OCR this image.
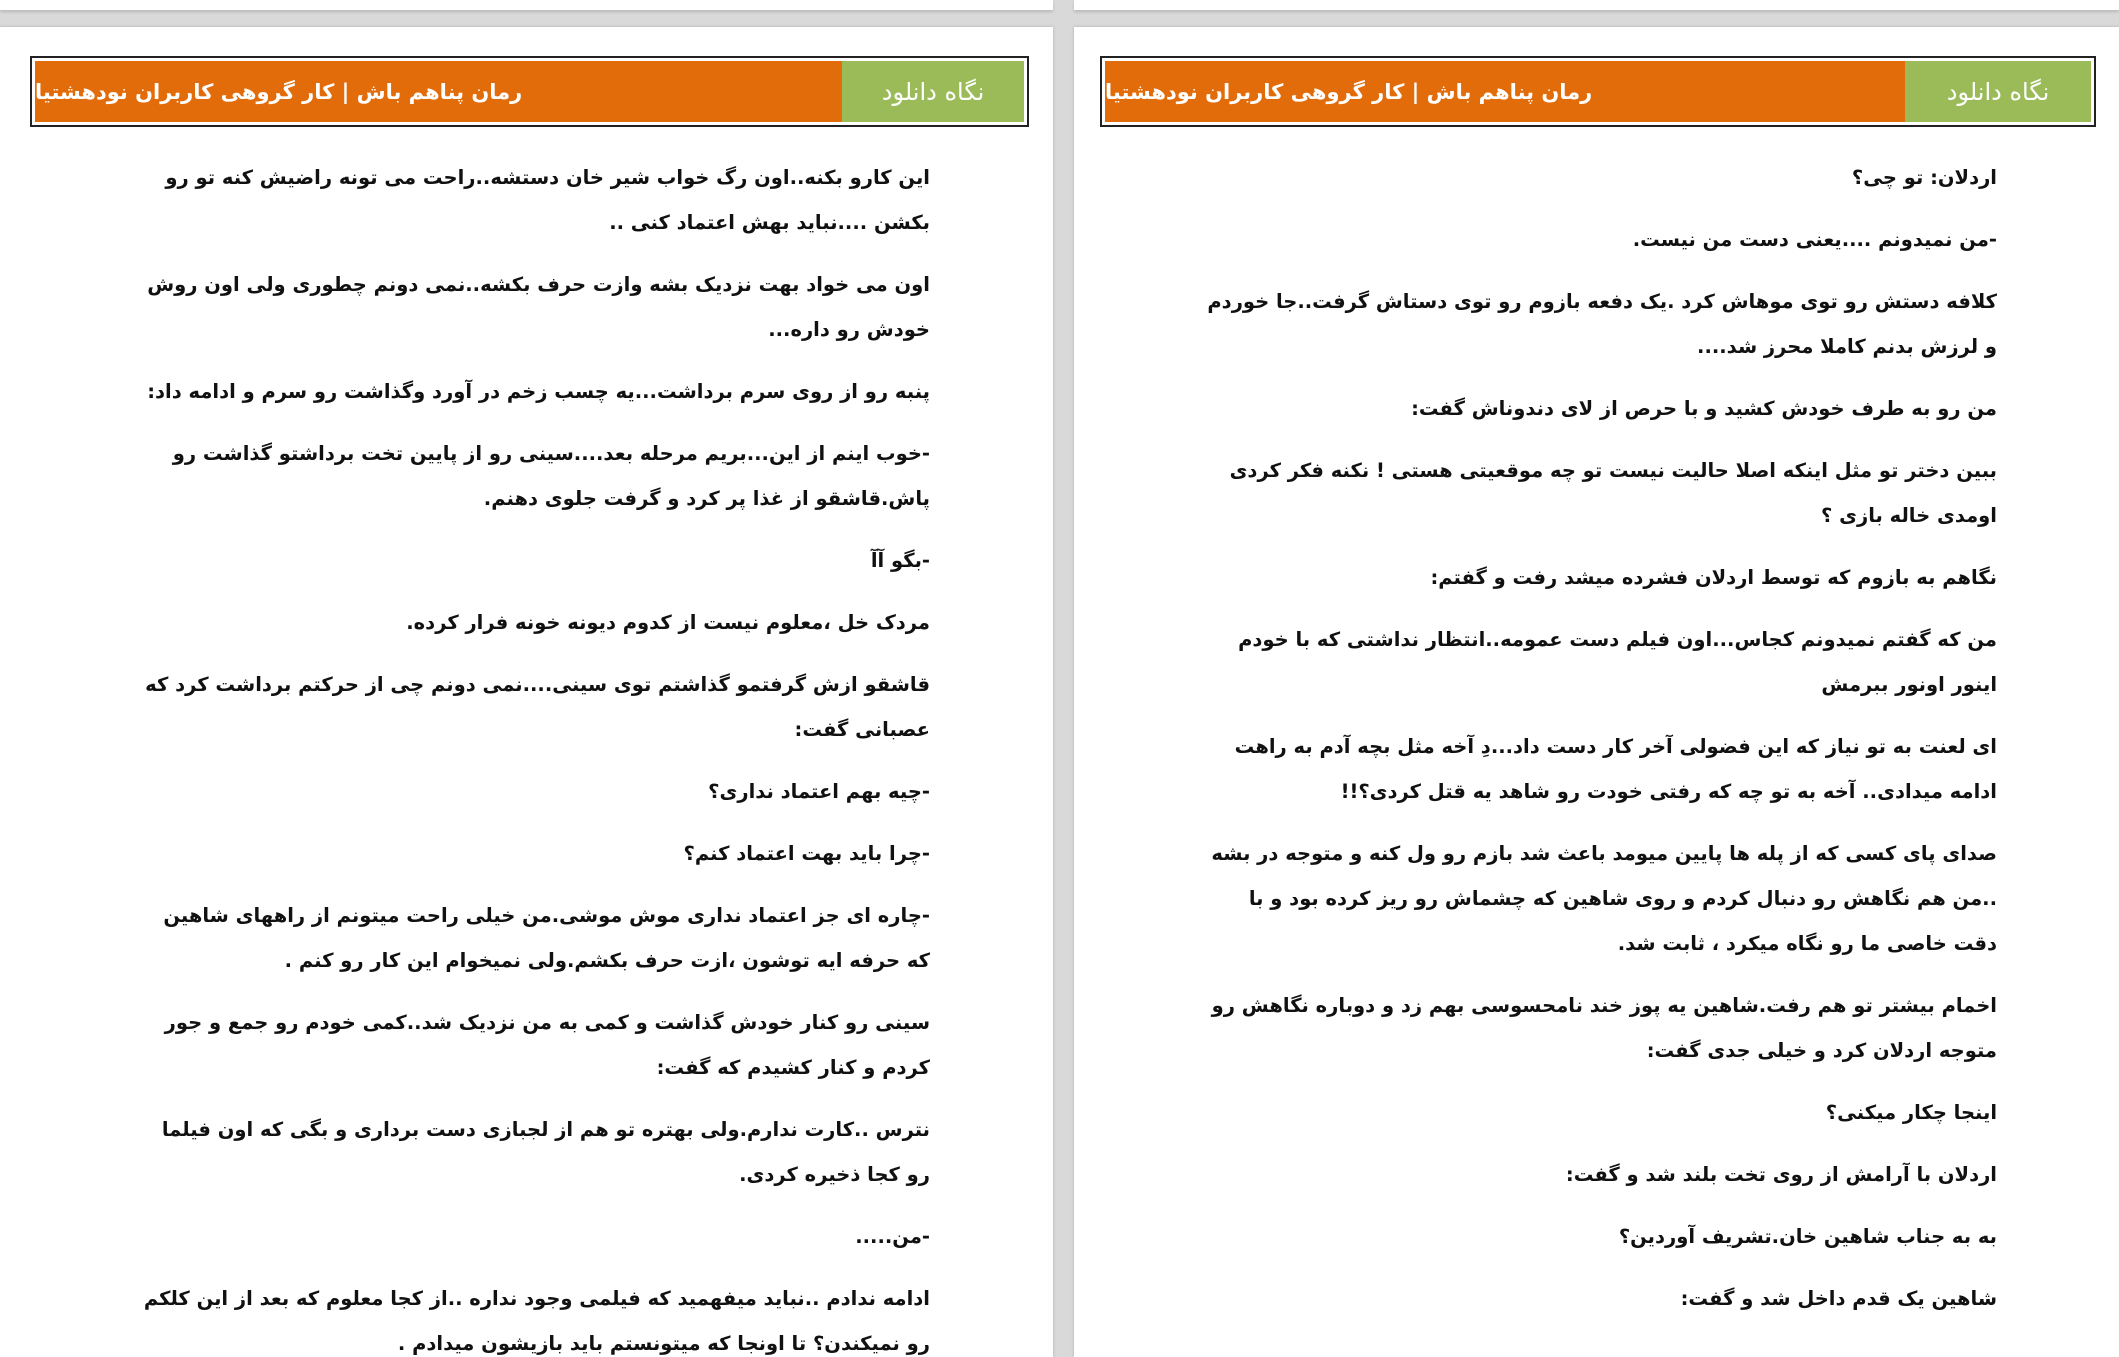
رمان پناهم باش | کار گروهی کاربران نودهشتیا	نگاه دانلود

این کارو بکنه..اون رگ خواب شیر خان دستشه..راحت می تونه راضیش کنه تو رو بکشن ....نباید بهش اعتماد کنی ..

اون می خواد بهت نزدیک بشه وازت حرف بکشه..نمی دونم چطوری ولی اون روش خودش رو داره...

پنبه رو از روی سرم برداشت...یه چسب زخم در آورد وگذاشت رو سرم و ادامه داد:

-خوب اینم از این...بریم مرحله بعد....سینی رو از پایین تخت برداشتو گذاشت رو پاش.قاشقو از غذا پر کرد و گرفت جلوی دهنم.

-بگو آآ

مردک خل ،معلوم نیست از کدوم دیونه خونه فرار کرده.

قاشقو ازش گرفتمو گذاشتم توی سینی....نمی دونم چی از حرکتم برداشت کرد که عصبانی گفت:

-چیه بهم اعتماد نداری؟

-چرا باید بهت اعتماد کنم؟

-چاره ای جز اعتماد نداری موش موشی.من خیلی راحت میتونم از راههای شاهین که حرفه ایه توشون ،ازت حرف بکشم.ولی نمیخوام این کار رو کنم .

سینی رو کنار خودش گذاشت و کمی به من نزدیک شد..کمی خودم رو جمع و جور کردم و کنار کشیدم که گفت:

نترس ..کارت ندارم.ولی بهتره تو هم از لجبازی دست برداری و بگی که اون فیلما رو کجا ذخیره کردی.

-من.....

ادامه ندادم ..نباید میفهمید که فیلمی وجود نداره ..از کجا معلوم که بعد از این کلکم رو نمیکندن؟ تا اونجا که میتونستم باید بازیشون میدادم .

رمان پناهم باش | کار گروهی کاربران نودهشتیا	نگاه دانلود

اردلان: تو چی؟

-من نمیدونم ....یعنی دست من نیست.

کلافه دستش رو توی موهاش کرد .یک دفعه بازوم رو توی دستاش گرفت..جا خوردم و لرزش بدنم کاملا محرز شد....

من رو به طرف خودش کشید و با حرص از لای دندوناش گفت:

ببین دختر تو مثل اینکه اصلا حالیت نیست تو چه موقعیتی هستی ! نکنه فکر کردی اومدی خاله بازی ؟

نگاهم به بازوم که توسط اردلان فشرده میشد رفت و گفتم:

من که گفتم نمیدونم کجاس...اون فیلم دست عمومه..انتظار نداشتی که با خودم اینور اونور ببرمش

ای لعنت به تو نیاز که این فضولی آخر کار دست داد...دِ آخه مثل بچه آدم به راهت ادامه میدادی.. آخه به تو چه که رفتی خودت رو شاهد یه قتل کردی؟!!

صدای پای کسی که از پله ها پایین میومد باعث شد بازم رو ول کنه و متوجه در بشه ..من هم نگاهش رو دنبال کردم و روی شاهین که چشماش رو ریز کرده بود و با دقت خاصی ما رو نگاه میکرد ، ثابت شد.

اخمام بیشتر تو هم رفت.شاهین یه پوز خند نامحسوسی بهم زد و دوباره نگاهش رو متوجه اردلان کرد و خیلی جدی گفت:

اینجا چکار میکنی؟

اردلان با آرامش از روی تخت بلند شد و گفت:

به به جناب شاهین خان.تشریف آوردین؟

شاهین یک قدم داخل شد و گفت:
